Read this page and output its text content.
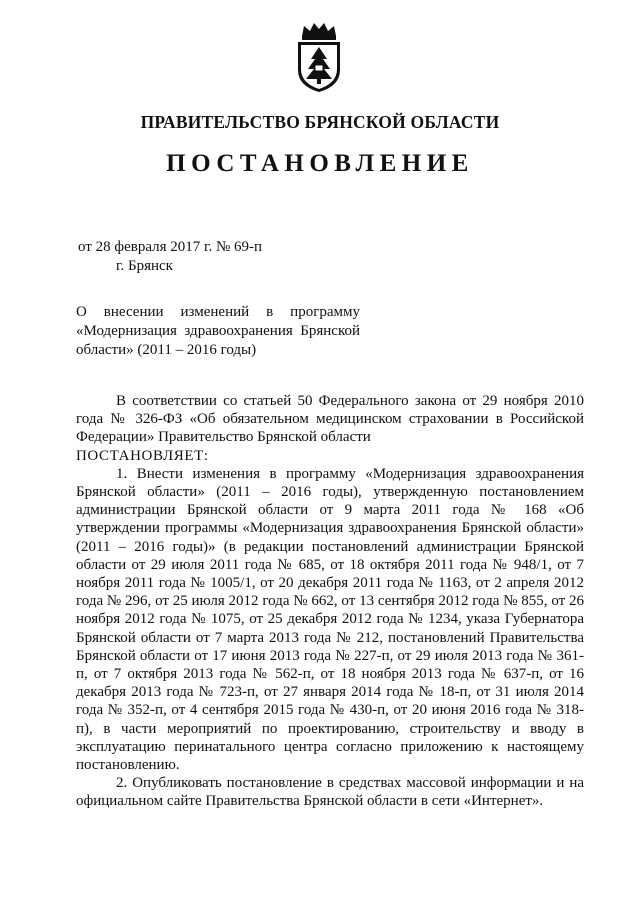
ПРАВИТЕЛЬСТВО БРЯНСКОЙ ОБЛАСТИ
ПОСТАНОВЛЕНИЕ
от 28 февраля 2017 г. № 69-п
г. Брянск
О внесении изменений в программу
«Модернизация здравоохранения Брянской
области» (2011 – 2016 годы)

В соответствии со статьей 50 Федерального закона от 29 ноября 2010 года № 326-ФЗ «Об обязательном медицинском страховании в Российской Федерации» Правительство Брянской области

ПОСТАНОВЛЯЕТ:

1. Внести изменения в программу «Модернизация здравоохранения Брянской области» (2011 – 2016 годы), утвержденную постановлением администрации Брянской области от 9 марта 2011 года № 168 «Об утверждении программы «Модернизация здравоохранения Брянской области» (2011 – 2016 годы)» (в редакции постановлений администрации Брянской области от 29 июля 2011 года № 685, от 18 октября 2011 года № 948/1, от 7 ноября 2011 года № 1005/1, от 20 декабря 2011 года № 1163, от 2 апреля 2012 года № 296, от 25 июля 2012 года № 662, от 13 сентября 2012 года № 855, от 26 ноября 2012 года № 1075, от 25 декабря 2012 года № 1234, указа Губернатора Брянской области от 7 марта 2013 года № 212, постановлений Правительства Брянской области от 17 июня 2013 года № 227-п, от 29 июля 2013 года № 361-п, от 7 октября 2013 года № 562-п, от 18 ноября 2013 года № 637-п, от 16 декабря 2013 года № 723-п, от 27 января 2014 года № 18-п, от 31 июля 2014 года № 352-п, от 4 сентября 2015 года № 430-п, от 20 июня 2016 года № 318-п), в части мероприятий по проектированию, строительству и вводу в эксплуатацию перинатального центра согласно приложению к настоящему постановлению.

2. Опубликовать постановление в средствах массовой информации и на официальном сайте Правительства Брянской области в сети «Интернет».
